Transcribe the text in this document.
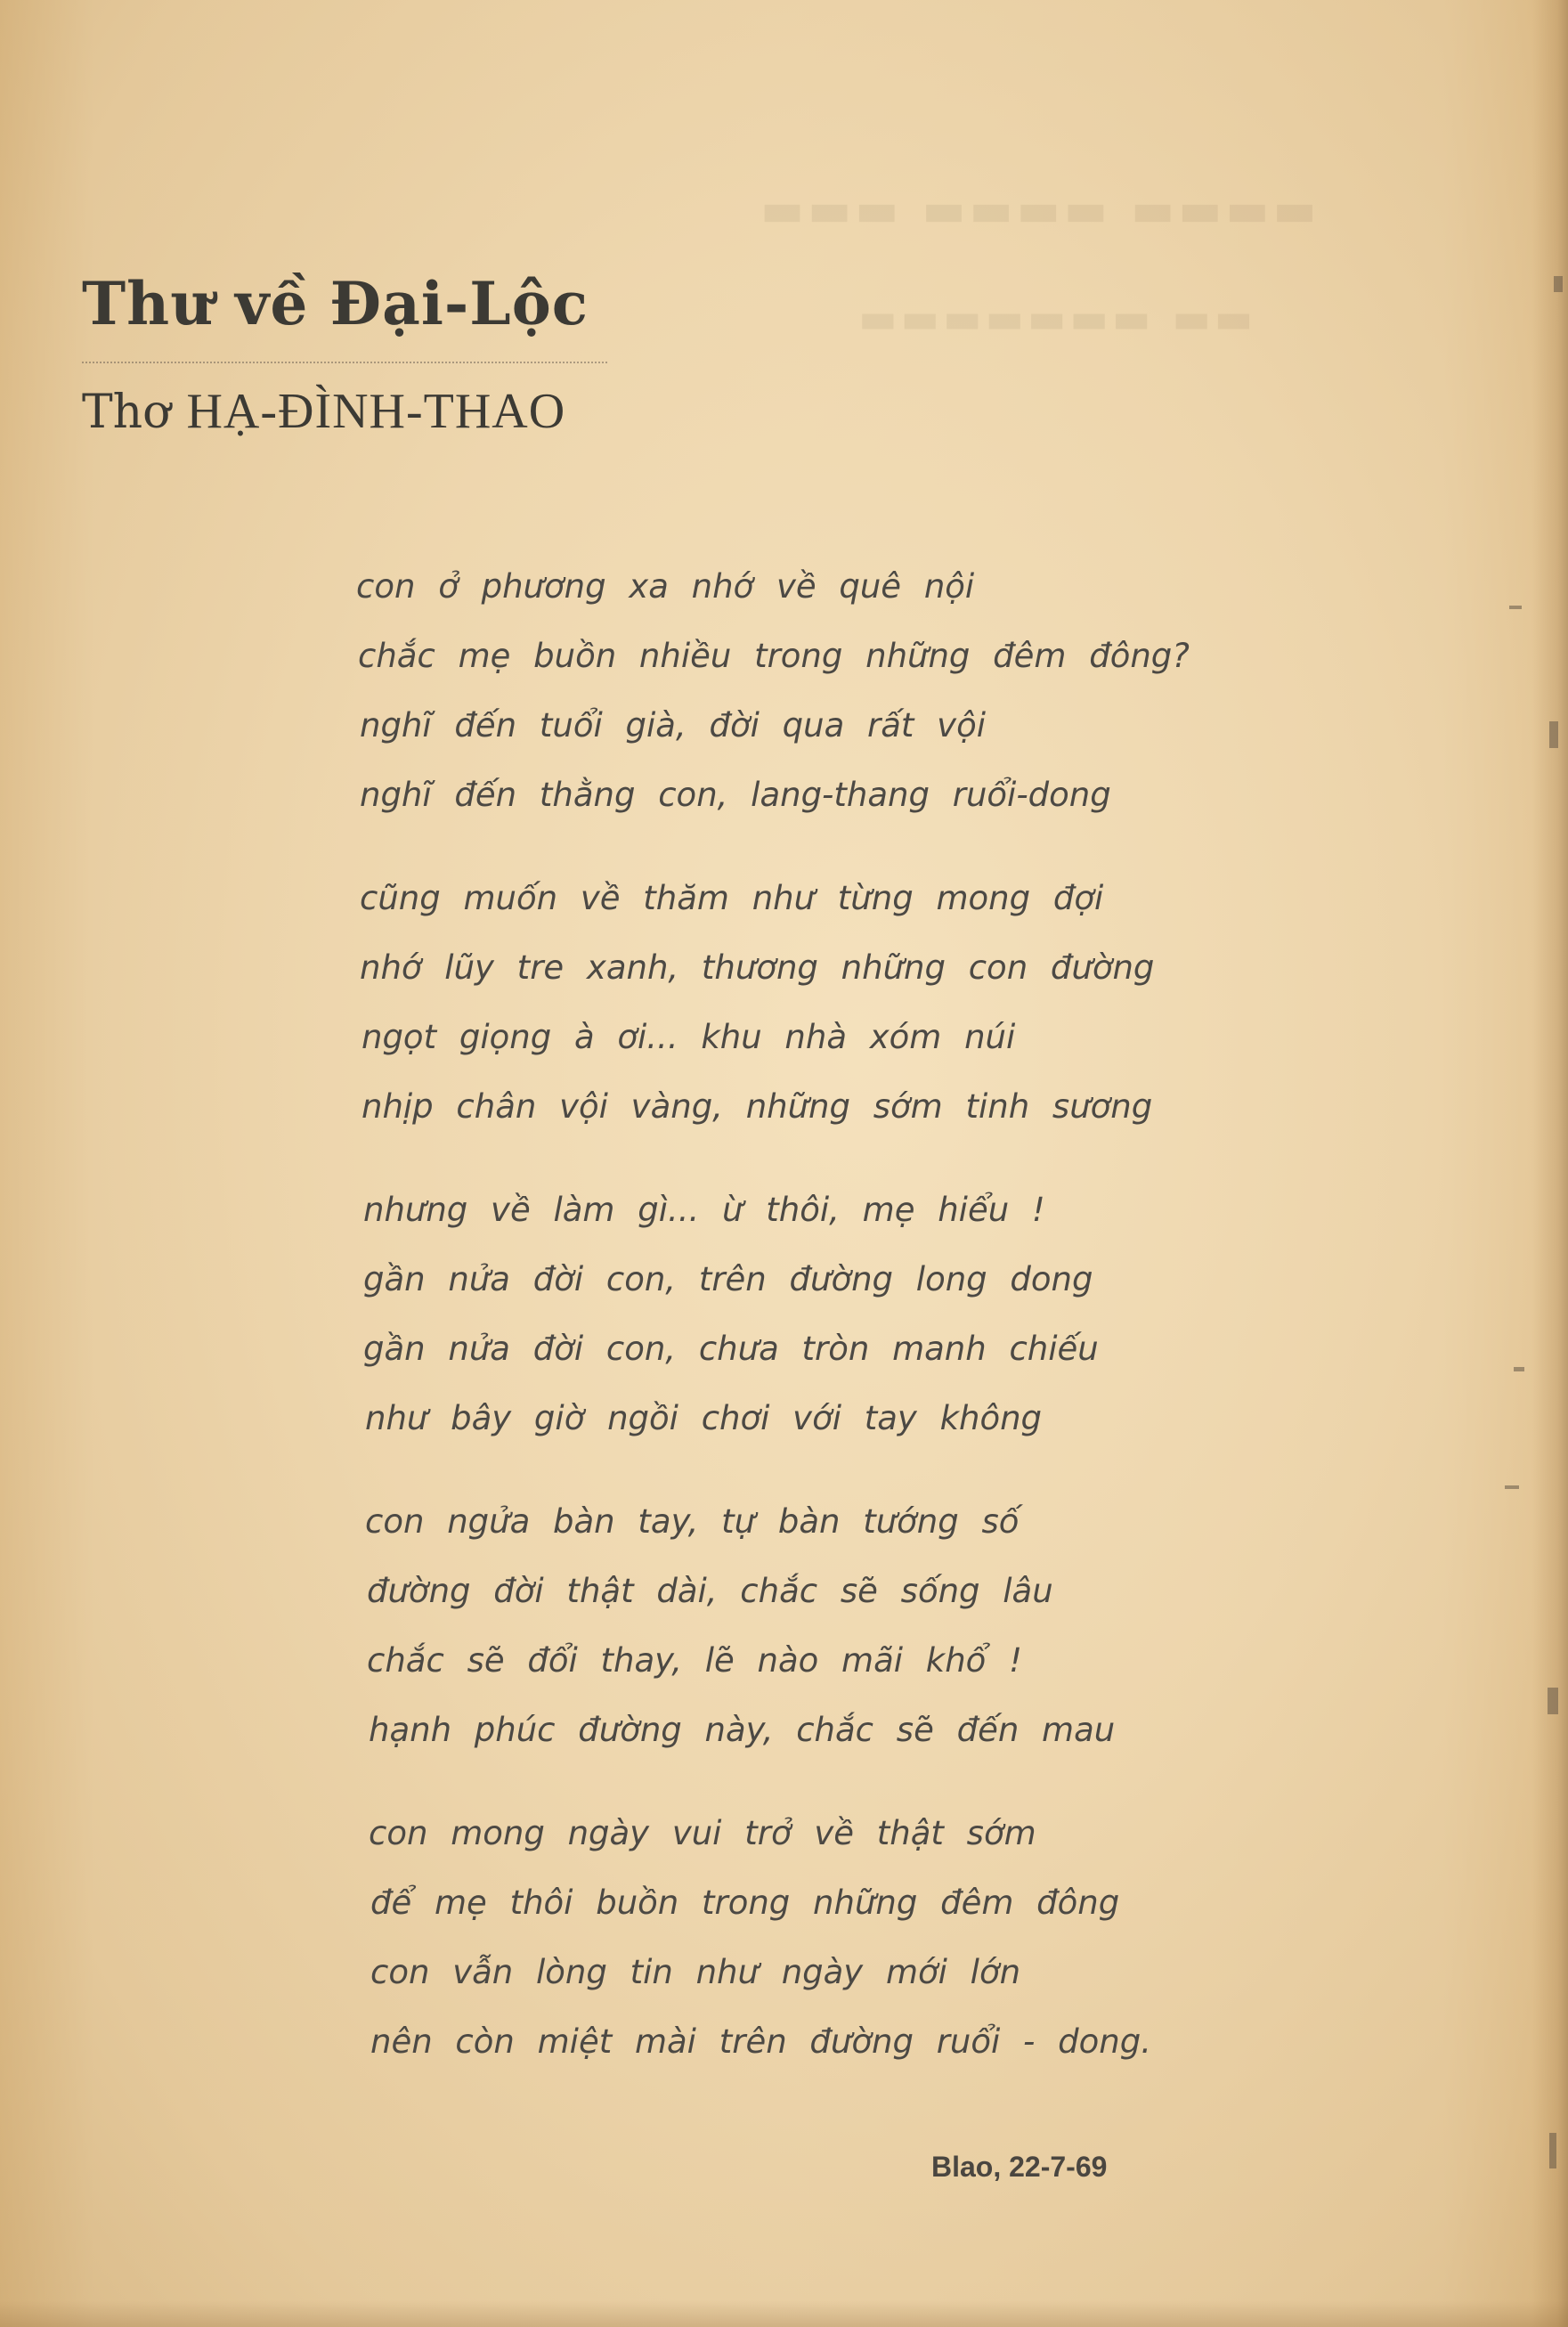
▬▬▬▬ ▬▬▬▬ ▬▬▬
▬▬ ▬▬▬▬▬▬▬
Thư về Đại-Lộc
Thơ HẠ-ĐÌNH-THAO
con ở phương xa nhớ về quê nội
chắc mẹ buồn nhiều trong những đêm đông?
nghĩ đến tuổi già, đời qua rất vội
nghĩ đến thằng con, lang-thang ruổi-dong
cũng muốn về thăm như từng mong đợi
nhớ lũy tre xanh, thương những con đường
ngọt giọng à ơi... khu nhà xóm núi
nhịp chân vội vàng, những sớm tinh sương
nhưng về làm gì... ừ thôi, mẹ hiểu !
gần nửa đời con, trên đường long dong
gần nửa đời con, chưa tròn manh chiếu
như bây giờ ngồi chơi với tay không
con ngửa bàn tay, tự bàn tướng số
đường đời thật dài, chắc sẽ sống lâu
chắc sẽ đổi thay, lẽ nào mãi khổ !
hạnh phúc đường này, chắc sẽ đến mau
con mong ngày vui trở về thật sớm
để mẹ thôi buồn trong những đêm đông
con vẫn lòng tin như ngày mới lớn
nên còn miệt mài trên đường ruổi - dong.
Blao, 22-7-69
